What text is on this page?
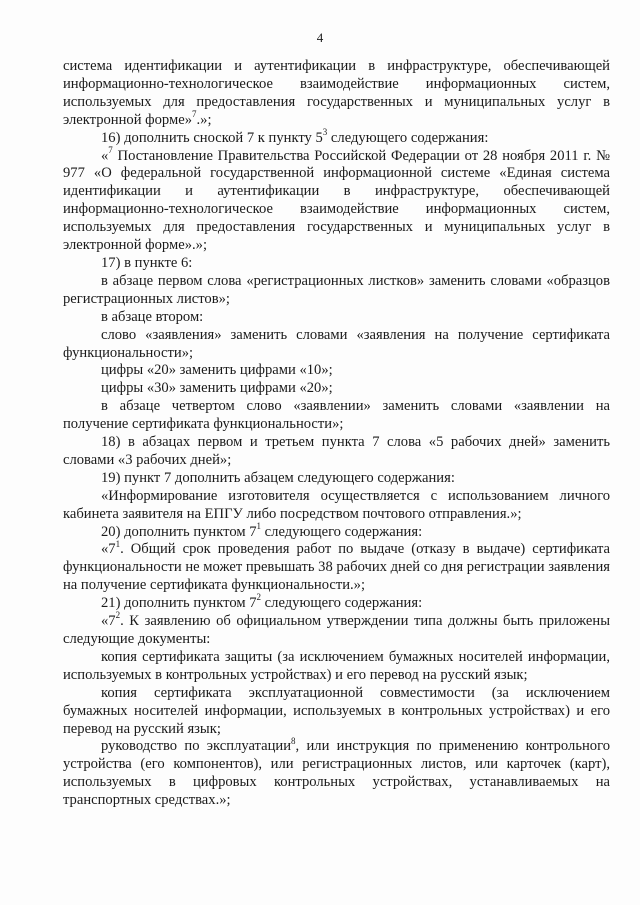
4

система идентификации и аутентификации в инфраструктуре, обеспечивающей информационно-технологическое взаимодействие информационных систем, используемых для предоставления государственных и муниципальных услуг в электронной форме»$^7$.»;

16) дополнить сноской 7 к пункту $5^3$ следующего содержания:

«$^7$ Постановление Правительства Российской Федерации от 28 ноября 2011 г. № 977 «О федеральной государственной информационной системе «Единая система идентификации и аутентификации в инфраструктуре, обеспечивающей информационно-технологическое взаимодействие информационных систем, используемых для предоставления государственных и муниципальных услуг в электронной форме».»;

17) в пункте 6:

в абзаце первом слова «регистрационных листков» заменить словами «образцов регистрационных листов»;

в абзаце втором:

слово «заявления» заменить словами «заявления на получение сертификата функциональности»;

цифры «20» заменить цифрами «10»;

цифры «30» заменить цифрами «20»;

в абзаце четвертом слово «заявлении» заменить словами «заявлении на получение сертификата функциональности»;

18) в абзацах первом и третьем пункта 7 слова «5 рабочих дней» заменить словами «3 рабочих дней»;

19) пункт 7 дополнить абзацем следующего содержания:

«Информирование изготовителя осуществляется с использованием личного кабинета заявителя на ЕПГУ либо посредством почтового отправления.»;

20) дополнить пунктом $7^1$ следующего содержания:

«$7^1$. Общий срок проведения работ по выдаче (отказу в выдаче) сертификата функциональности не может превышать 38 рабочих дней со дня регистрации заявления на получение сертификата функциональности.»;

21) дополнить пунктом $7^2$ следующего содержания:

«$7^2$. К заявлению об официальном утверждении типа должны быть приложены следующие документы:

копия сертификата защиты (за исключением бумажных носителей информации, используемых в контрольных устройствах) и его перевод на русский язык;

копия сертификата эксплуатационной совместимости (за исключением бумажных носителей информации, используемых в контрольных устройствах) и его перевод на русский язык;

руководство по эксплуатации$^8$, или инструкция по применению контрольного устройства (его компонентов), или регистрационных листов, или карточек (карт), используемых в цифровых контрольных устройствах, устанавливаемых на транспортных средствах.»;
